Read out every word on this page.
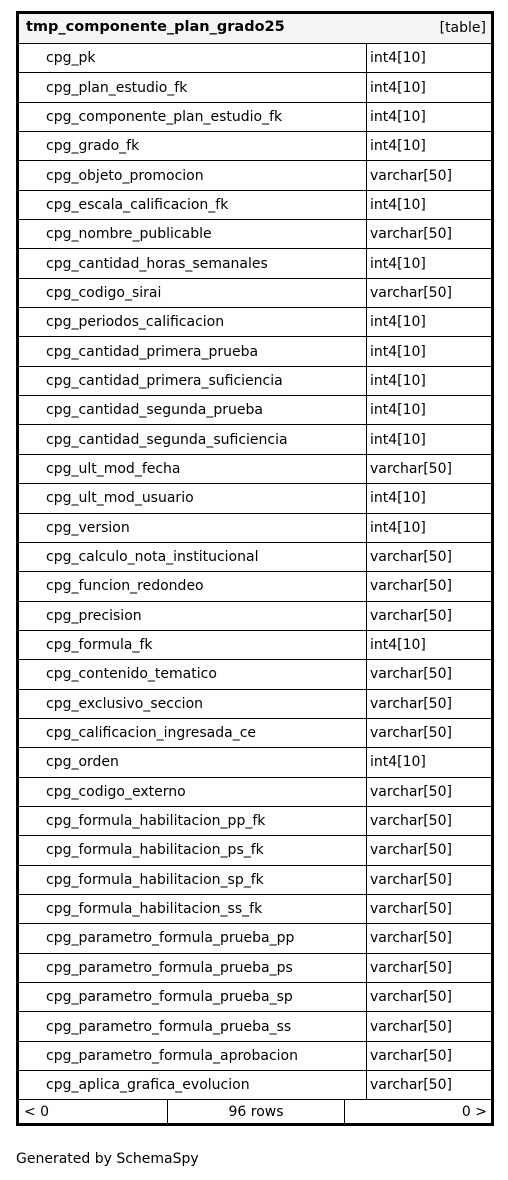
tmp_componente_plan_grado25	[table]
cpg_pk	int4[10]
cpg_plan_estudio_fk	int4[10]
cpg_componente_plan_estudio_fk	int4[10]
cpg_grado_fk	int4[10]
cpg_objeto_promocion	varchar[50]
cpg_escala_calificacion_fk	int4[10]
cpg_nombre_publicable	varchar[50]
cpg_cantidad_horas_semanales	int4[10]
cpg_codigo_sirai	varchar[50]
cpg_periodos_calificacion	int4[10]
cpg_cantidad_primera_prueba	int4[10]
cpg_cantidad_primera_suficiencia	int4[10]
cpg_cantidad_segunda_prueba	int4[10]
cpg_cantidad_segunda_suficiencia	int4[10]
cpg_ult_mod_fecha	varchar[50]
cpg_ult_mod_usuario	int4[10]
cpg_version	int4[10]
cpg_calculo_nota_institucional	varchar[50]
cpg_funcion_redondeo	varchar[50]
cpg_precision	varchar[50]
cpg_formula_fk	int4[10]
cpg_contenido_tematico	varchar[50]
cpg_exclusivo_seccion	varchar[50]
cpg_calificacion_ingresada_ce	varchar[50]
cpg_orden	int4[10]
cpg_codigo_externo	varchar[50]
cpg_formula_habilitacion_pp_fk	varchar[50]
cpg_formula_habilitacion_ps_fk	varchar[50]
cpg_formula_habilitacion_sp_fk	varchar[50]
cpg_formula_habilitacion_ss_fk	varchar[50]
cpg_parametro_formula_prueba_pp	varchar[50]
cpg_parametro_formula_prueba_ps	varchar[50]
cpg_parametro_formula_prueba_sp	varchar[50]
cpg_parametro_formula_prueba_ss	varchar[50]
cpg_parametro_formula_aprobacion	varchar[50]
cpg_aplica_grafica_evolucion	varchar[50]
< 0	96 rows	0 >
Generated by SchemaSpy
